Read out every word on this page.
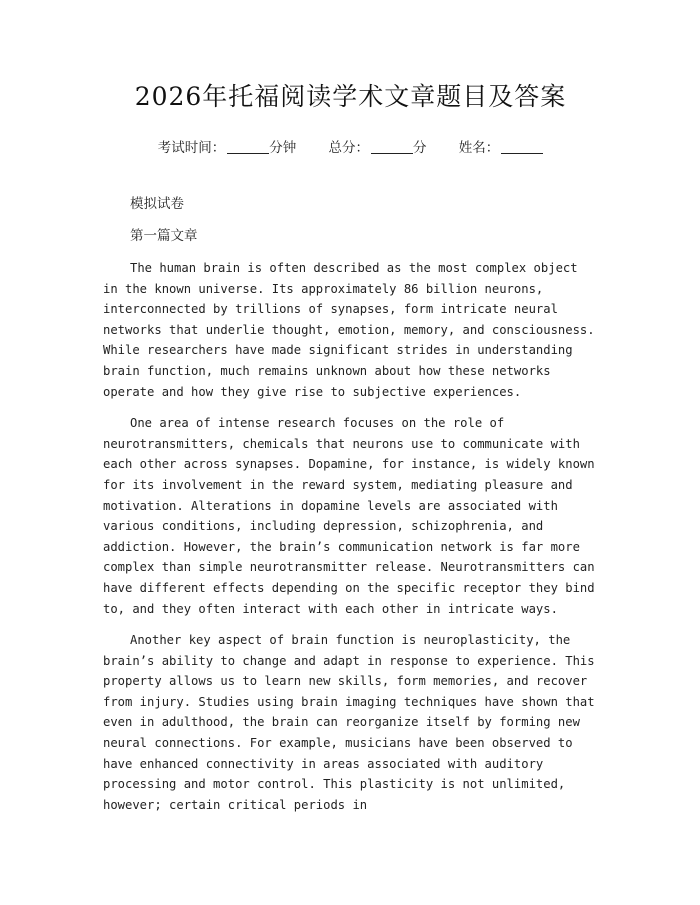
2026年托福阅读学术文章题目及答案
考试时间：	分钟 总分：	分 姓名：

模拟试卷

第一篇文章

The human brain is often described as the most complex object in the known universe. Its approximately 86 billion neurons, interconnected by trillions of synapses, form intricate neural networks that underlie thought, emotion, memory, and consciousness. While researchers have made significant strides in understanding brain function, much remains unknown about how these networks operate and how they give rise to subjective experiences.

One area of intense research focuses on the role of neurotransmitters, chemicals that neurons use to communicate with each other across synapses. Dopamine, for instance, is widely known for its involvement in the reward system, mediating pleasure and motivation. Alterations in dopamine levels are associated with various conditions, including depression, schizophrenia, and addiction. However, the brain’s communication network is far more complex than simple neurotransmitter release. Neurotransmitters can have different effects depending on the specific receptor they bind to, and they often interact with each other in intricate ways.

Another key aspect of brain function is neuroplasticity, the brain’s ability to change and adapt in response to experience. This property allows us to learn new skills, form memories, and recover from injury. Studies using brain imaging techniques have shown that even in adulthood, the brain can reorganize itself by forming new neural connections. For example, musicians have been observed to have enhanced connectivity in areas associated with auditory processing and motor control. This plasticity is not unlimited, however; certain critical periods in
